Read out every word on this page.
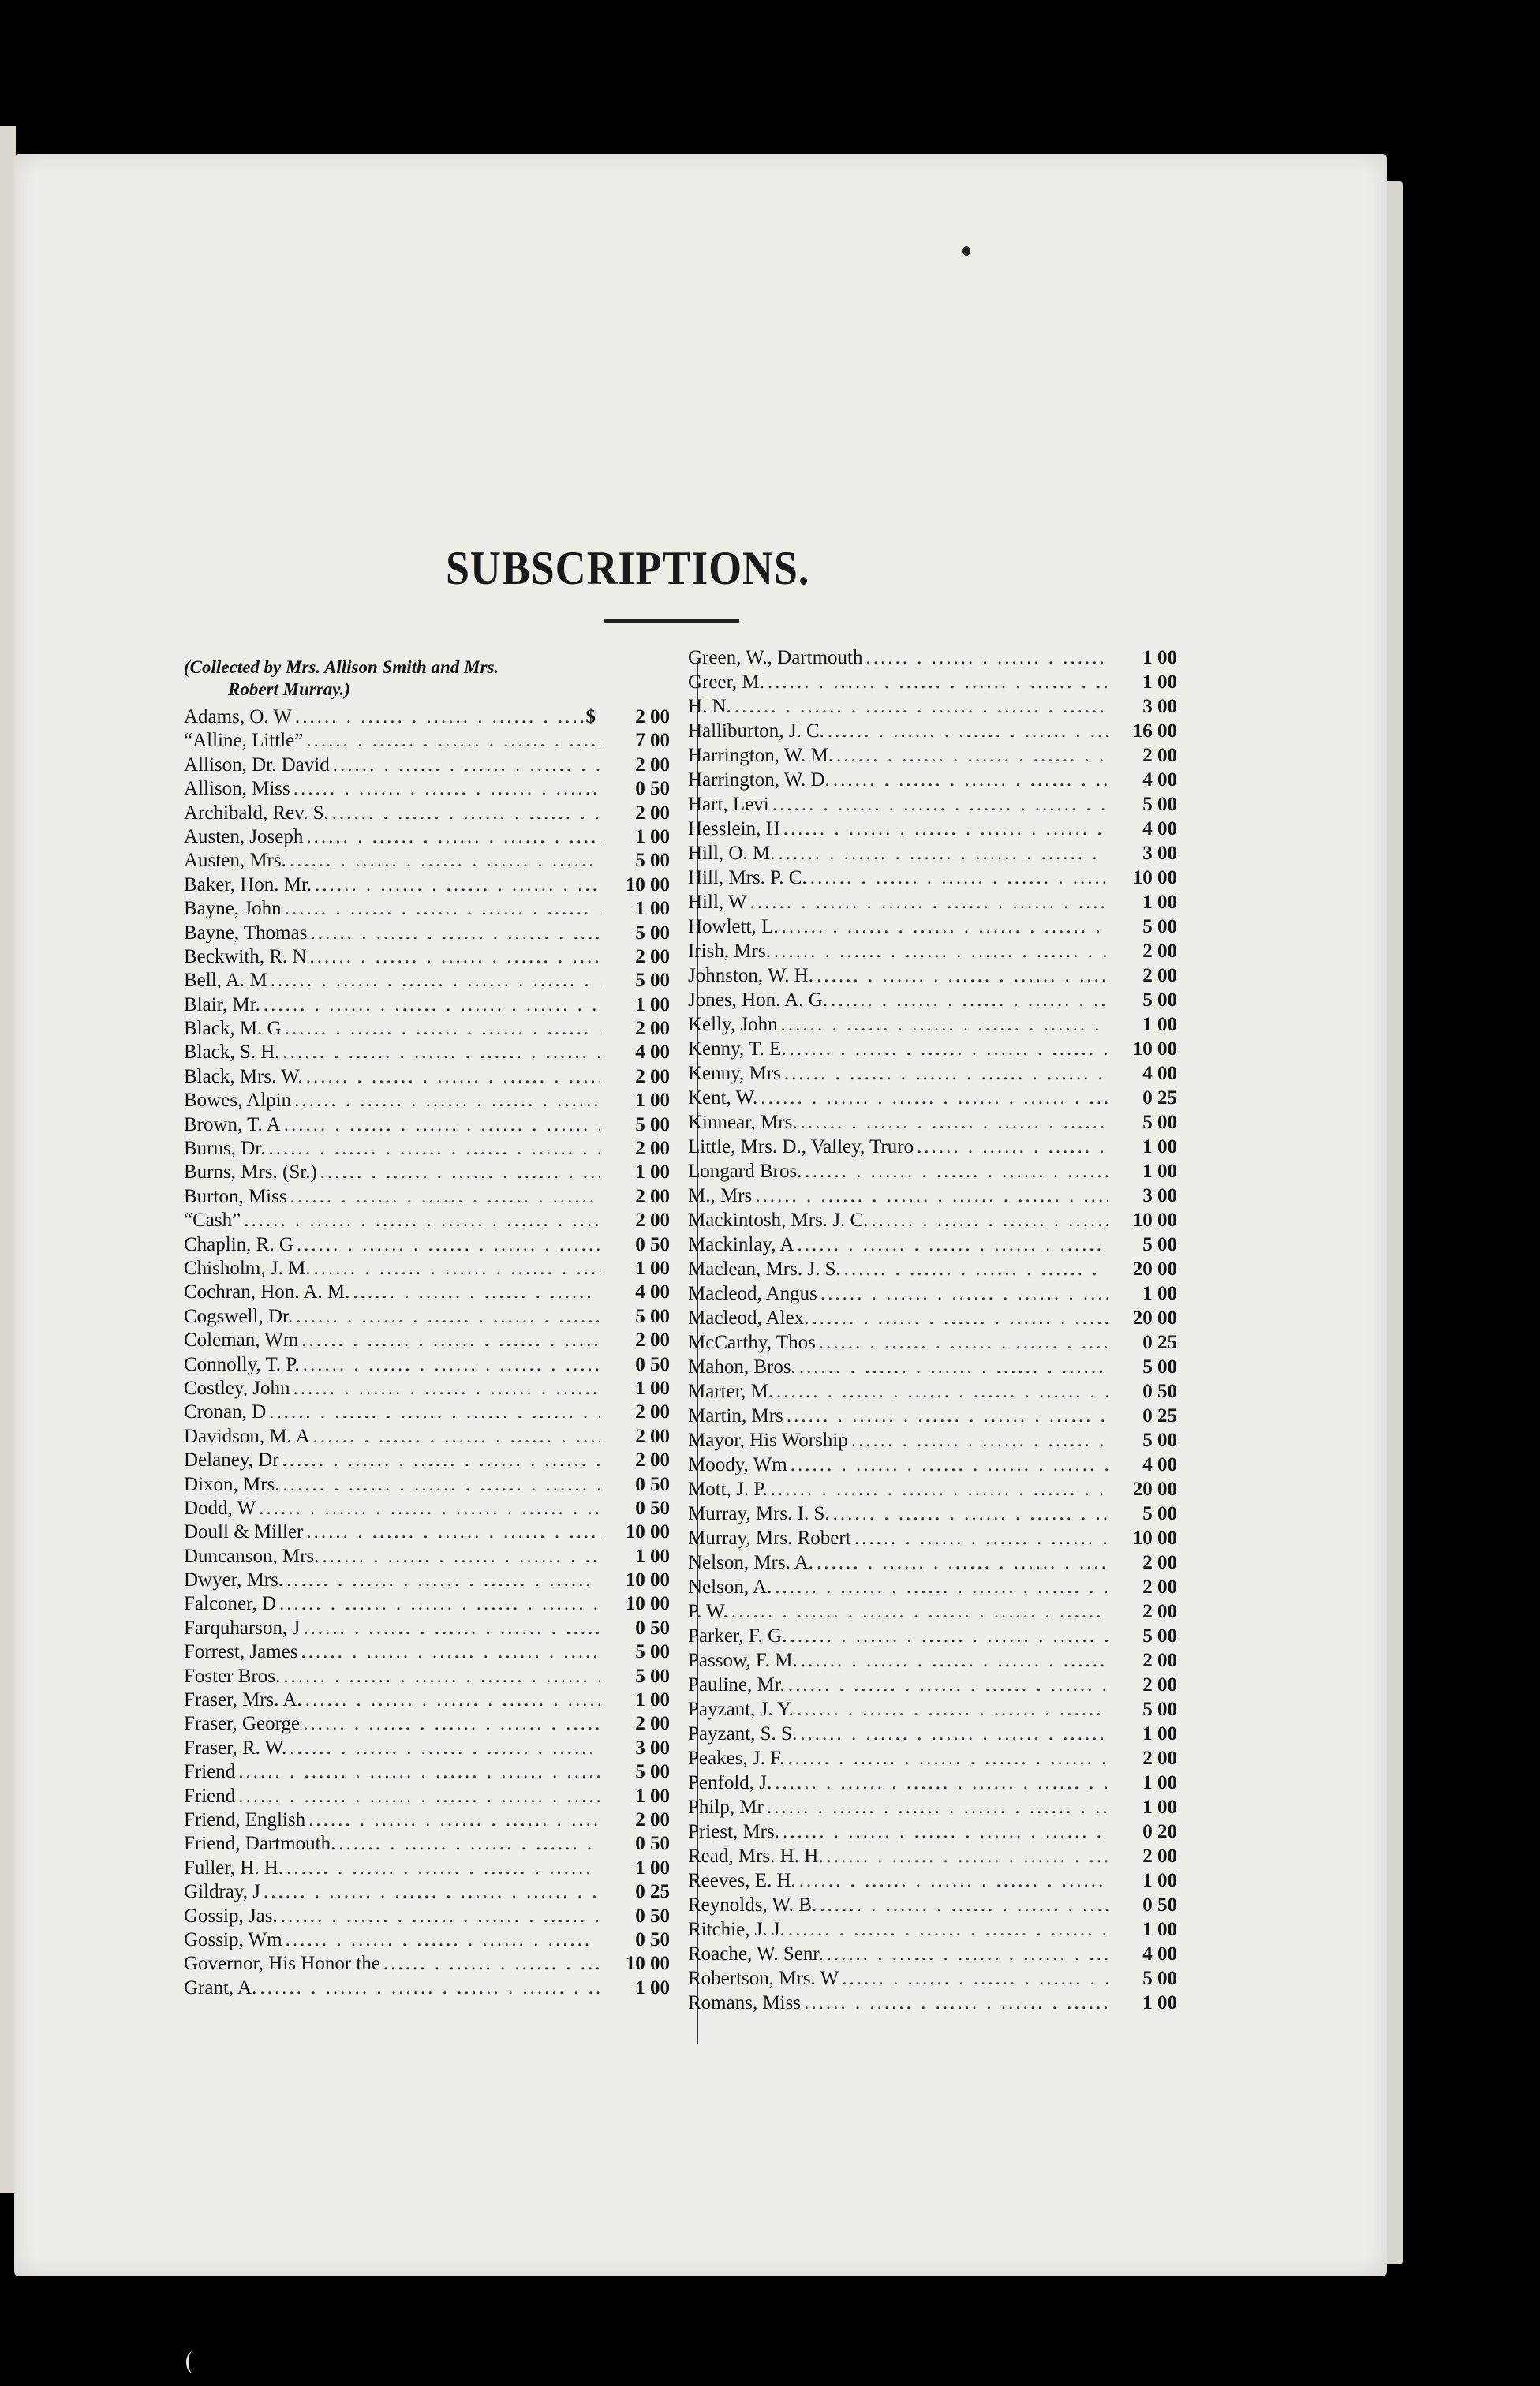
SUBSCRIPTIONS.
(Collected by Mrs. Allison Smith and Mrs.
Robert Murray.)
Adams, O. W .....	$	2 00
“Alline, Little” .....	7 00
Allison, Dr. David .....	2 00
Allison, Miss .....	0 50
Archibald, Rev. S. .....	2 00
Austen, Joseph .....	1 00
Austen, Mrs. .....	5 00
Baker, Hon. Mr. .....	10 00
Bayne, John .....	1 00
Bayne, Thomas .....	5 00
Beckwith, R. N .....	2 00
Bell, A. M .....	5 00
Blair, Mr. .....	1 00
Black, M. G .....	2 00
Black, S. H. .....	4 00
Black, Mrs. W. .....	2 00
Bowes, Alpin .....	1 00
Brown, T. A .....	5 00
Burns, Dr. .....	2 00
Burns, Mrs. (Sr.) .....	1 00
Burton, Miss .....	2 00
“Cash” .....	2 00
Chaplin, R. G .....	0 50
Chisholm, J. M. .....	1 00
Cochran, Hon. A. M. .....	4 00
Cogswell, Dr. .....	5 00
Coleman, Wm .....	2 00
Connolly, T. P. .....	0 50
Costley, John .....	1 00
Cronan, D .....	2 00
Davidson, M. A .....	2 00
Delaney, Dr .....	2 00
Dixon, Mrs. .....	0 50
Dodd, W .....	0 50
Doull & Miller .....	10 00
Duncanson, Mrs. .....	1 00
Dwyer, Mrs. .....	10 00
Falconer, D .....	10 00
Farquharson, J .....	0 50
Forrest, James .....	5 00
Foster Bros. .....	5 00
Fraser, Mrs. A. .....	1 00
Fraser, George .....	2 00
Fraser, R. W. .....	3 00
Friend .....	5 00
Friend .....	1 00
Friend, English .....	2 00
Friend, Dartmouth. .....	0 50
Fuller, H. H. .....	1 00
Gildray, J .....	0 25
Gossip, Jas. .....	0 50
Gossip, Wm .....	0 50
Governor, His Honor the .....	10 00
Grant, A. .....	1 00
Green, W., Dartmouth .....	1 00
Greer, M. .....	1 00
H. N. .....	3 00
Halliburton, J. C. .....	16 00
Harrington, W. M. .....	2 00
Harrington, W. D. .....	4 00
Hart, Levi .....	5 00
Hesslein, H .....	4 00
Hill, O. M. .....	3 00
Hill, Mrs. P. C. .....	10 00
Hill, W .....	1 00
Howlett, L. .....	5 00
Irish, Mrs. .....	2 00
Johnston, W. H. .....	2 00
Jones, Hon. A. G. .....	5 00
Kelly, John .....	1 00
Kenny, T. E. .....	10 00
Kenny, Mrs .....	4 00
Kent, W. .....	0 25
Kinnear, Mrs. .....	5 00
Little, Mrs. D., Valley, Truro .....	1 00
Longard Bros. .....	1 00
M., Mrs .....	3 00
Mackintosh, Mrs. J. C. .....	10 00
Mackinlay, A .....	5 00
Maclean, Mrs. J. S. .....	20 00
Macleod, Angus .....	1 00
Macleod, Alex. .....	20 00
McCarthy, Thos .....	0 25
Mahon, Bros. .....	5 00
Marter, M. .....	0 50
Martin, Mrs .....	0 25
Mayor, His Worship .....	5 00
Moody, Wm .....	4 00
Mott, J. P. .....	20 00
Murray, Mrs. I. S. .....	5 00
Murray, Mrs. Robert .....	10 00
Nelson, Mrs. A. .....	2 00
Nelson, A. .....	2 00
P. W. .....	2 00
Parker, F. G. .....	5 00
Passow, F. M. .....	2 00
Pauline, Mr. .....	2 00
Payzant, J. Y. .....	5 00
Payzant, S. S. .....	1 00
Peakes, J. F. .....	2 00
Penfold, J. .....	1 00
Philp, Mr .....	1 00
Priest, Mrs. .....	0 20
Read, Mrs. H. H. .....	2 00
Reeves, E. H. .....	1 00
Reynolds, W. B. .....	0 50
Ritchie, J. J. .....	1 00
Roache, W. Senr. .....	4 00
Robertson, Mrs. W .....	5 00
Romans, Miss .....	1 00
